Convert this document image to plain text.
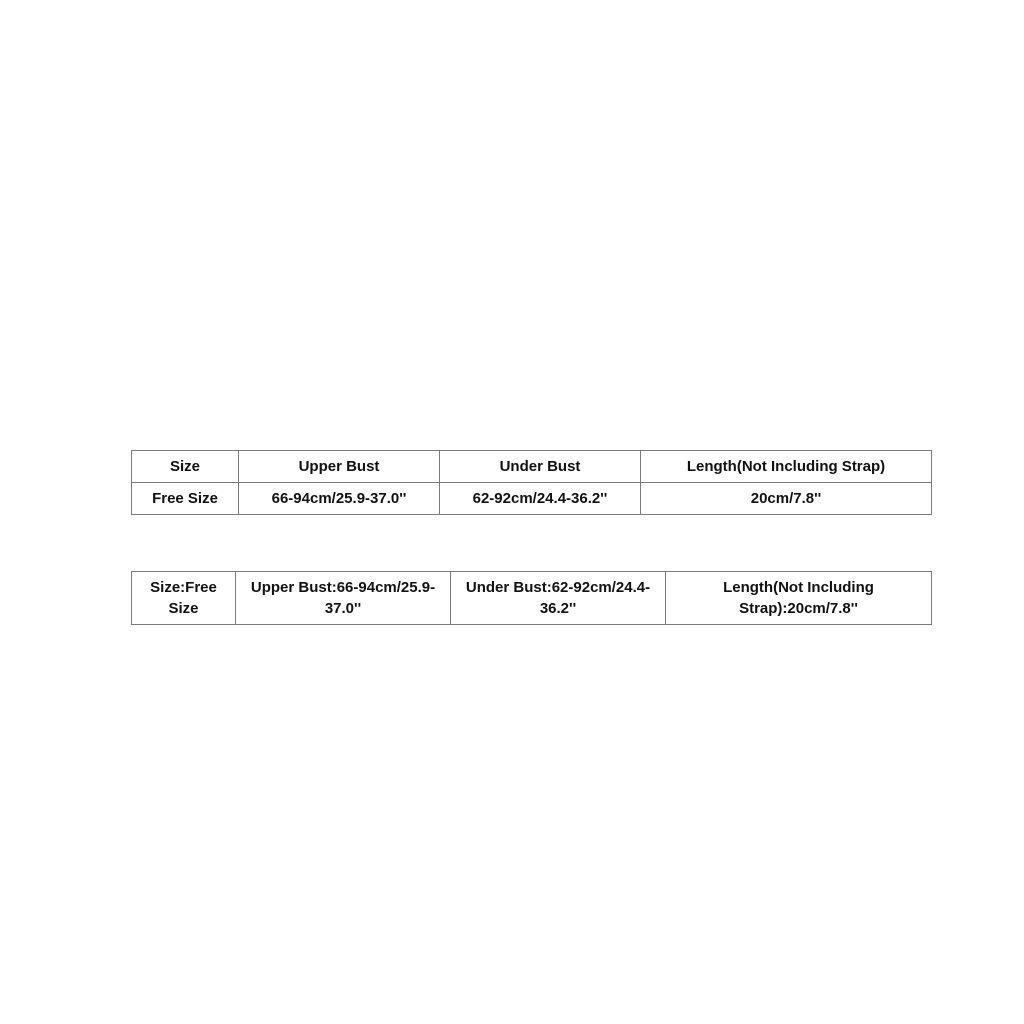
Size	Upper Bust	Under Bust	Length(Not Including Strap)
Free Size	66-94cm/25.9-37.0''	62-92cm/24.4-36.2''	20cm/7.8''
Size:Free Size	Upper Bust:66-94cm/25.9-37.0''	Under Bust:62-92cm/24.4-36.2''	Length(Not Including Strap):20cm/7.8''
